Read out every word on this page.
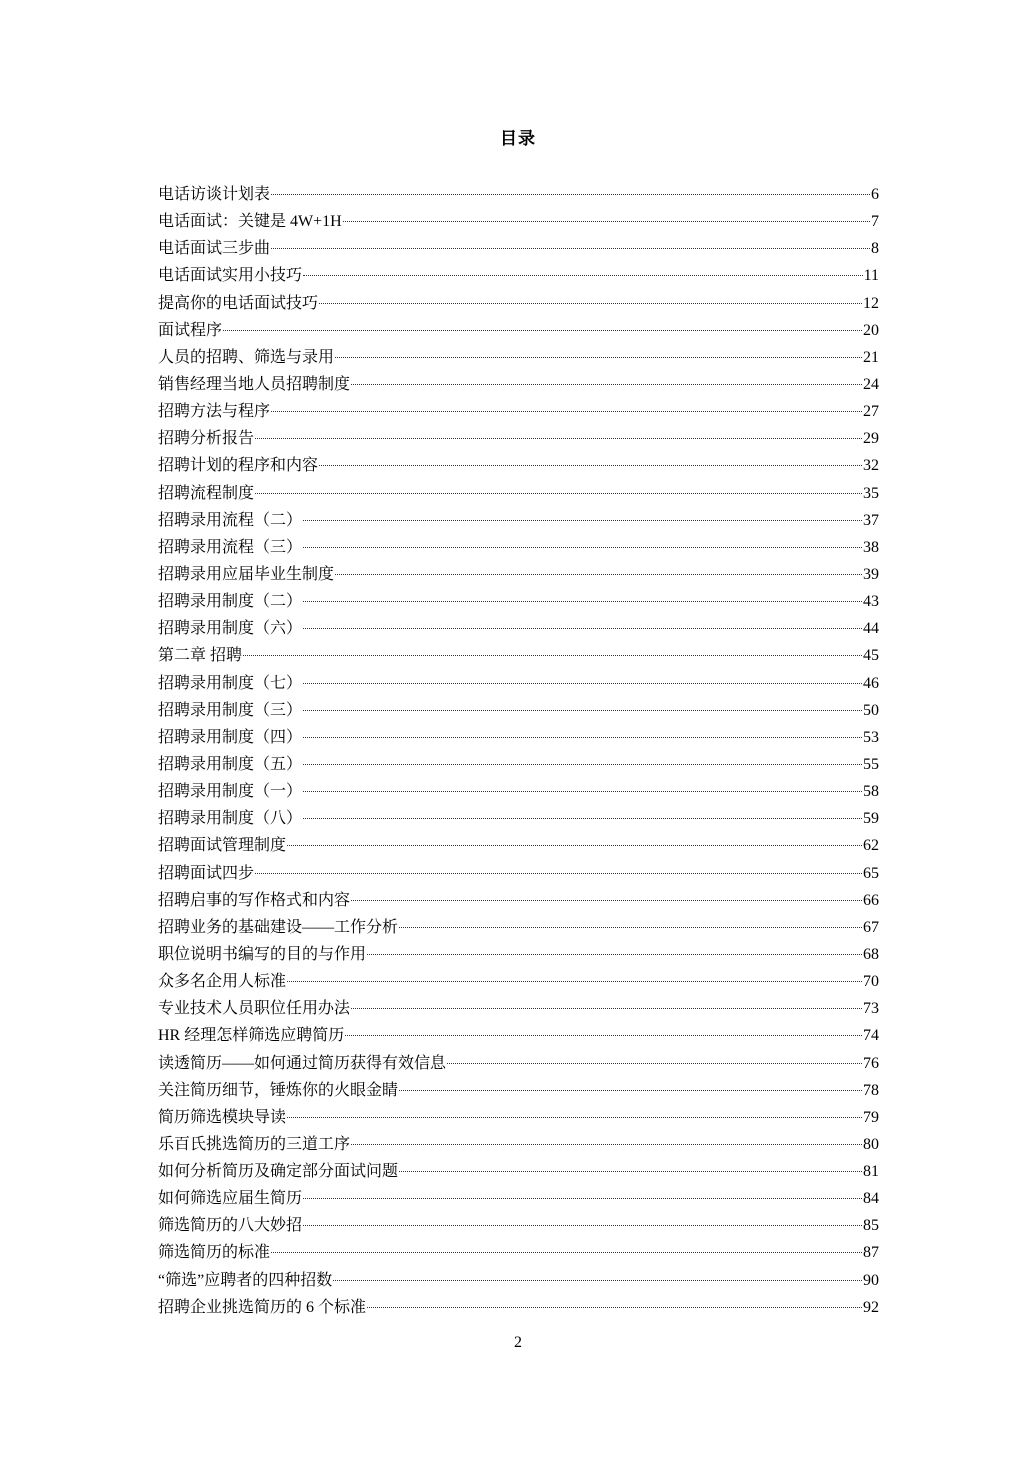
目录
电话访谈计划表	6
电话面试：关键是 4W+1H	7
电话面试三步曲	8
电话面试实用小技巧	11
提高你的电话面试技巧	12
面试程序	20
人员的招聘、筛选与录用	21
销售经理当地人员招聘制度	24
招聘方法与程序	27
招聘分析报告	29
招聘计划的程序和内容	32
招聘流程制度	35
招聘录用流程（二）	37
招聘录用流程（三）	38
招聘录用应届毕业生制度	39
招聘录用制度（二）	43
招聘录用制度（六）	44
第二章 招聘	45
招聘录用制度（七）	46
招聘录用制度（三）	50
招聘录用制度（四）	53
招聘录用制度（五）	55
招聘录用制度（一）	58
招聘录用制度（八）	59
招聘面试管理制度	62
招聘面试四步	65
招聘启事的写作格式和内容	66
招聘业务的基础建设——工作分析	67
职位说明书编写的目的与作用	68
众多名企用人标准	70
专业技术人员职位任用办法	73
HR 经理怎样筛选应聘简历	74
读透简历——如何通过简历获得有效信息	76
关注简历细节，锤炼你的火眼金睛	78
简历筛选模块导读	79
乐百氏挑选简历的三道工序	80
如何分析简历及确定部分面试问题	81
如何筛选应届生简历	84
筛选简历的八大妙招	85
筛选简历的标准	87
“筛选”应聘者的四种招数	90
招聘企业挑选简历的 6 个标准	92
2
